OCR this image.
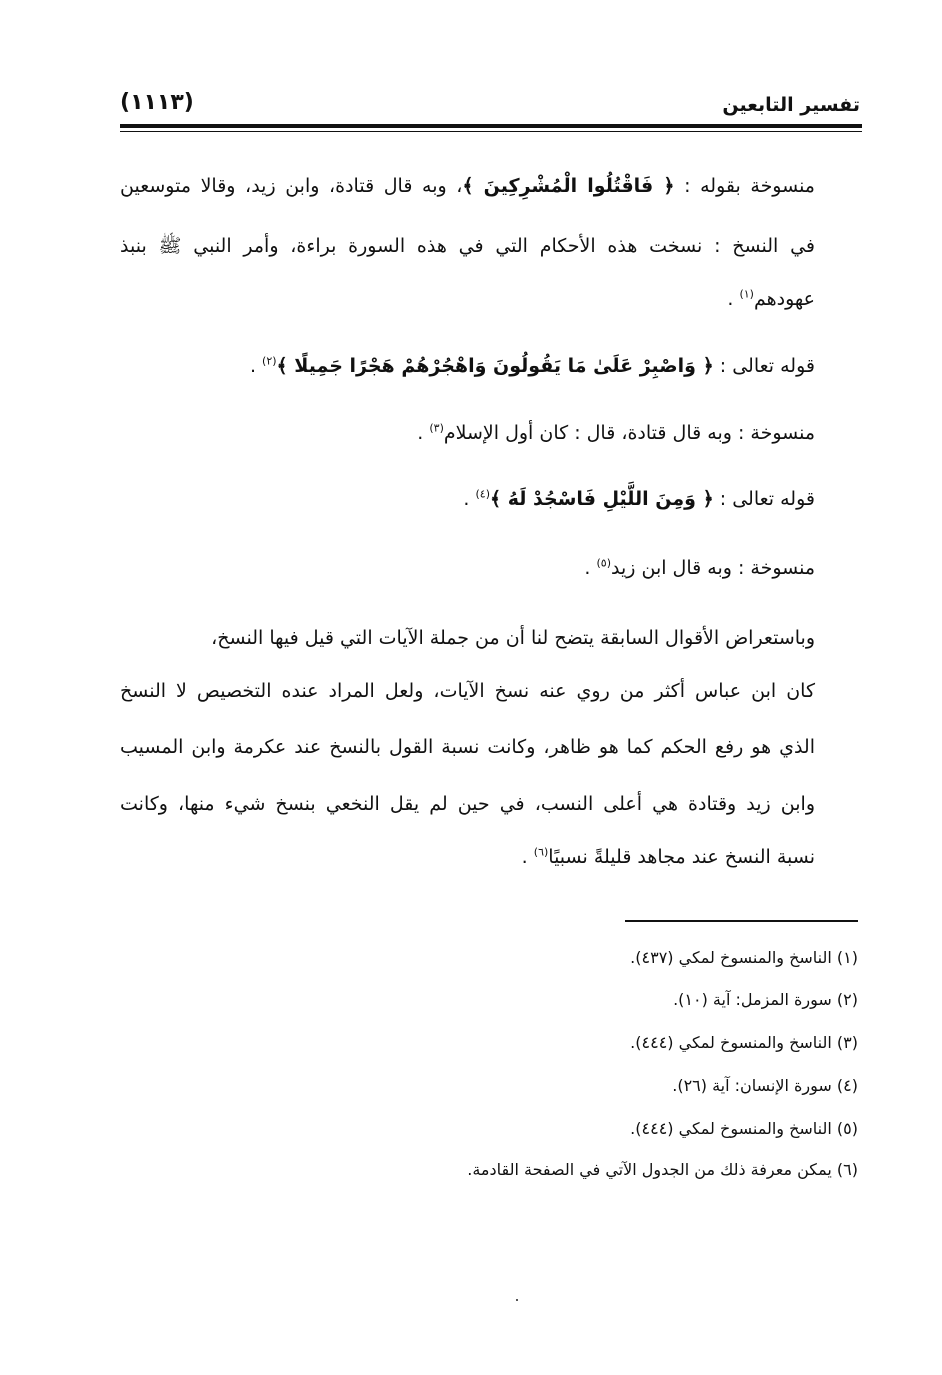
تفسير التابعين
(١١١٣)
منسوخة بقوله : ﴿ فَاقْتُلُوا الْمُشْرِكِينَ ﴾، وبه قال قتادة، وابن زيد، وقالا متوسعين
في النسخ : نسخت هذه الأحكام التي في هذه السورة براءة، وأمر النبي ﷺ بنبذ
عهودهم$^{(١)}$ .
قوله تعالى : ﴿ وَاصْبِرْ عَلَىٰ مَا يَقُولُونَ وَاهْجُرْهُمْ هَجْرًا جَمِيلًا ﴾$^{(٢)}$ .
منسوخة : وبه قال قتادة، قال : كان أول الإسلام$^{(٣)}$ .
قوله تعالى : ﴿ وَمِنَ اللَّيْلِ فَاسْجُدْ لَهُ ﴾$^{(٤)}$ .
منسوخة : وبه قال ابن زيد$^{(٥)}$ .
وباستعراض الأقوال السابقة يتضح لنا أن من جملة الآيات التي قيل فيها النسخ،
كان ابن عباس أكثر من روي عنه نسخ الآيات، ولعل المراد عنده التخصيص لا النسخ
الذي هو رفع الحكم كما هو ظاهر، وكانت نسبة القول بالنسخ عند عكرمة وابن المسيب
وابن زيد وقتادة هي أعلى النسب، في حين لم يقل النخعي بنسخ شيء منها، وكانت
نسبة النسخ عند مجاهد قليلةً نسبيًا$^{(٦)}$ .
(١) الناسخ والمنسوخ لمكي (٤٣٧).
(٢) سورة المزمل: آية (١٠).
(٣) الناسخ والمنسوخ لمكي (٤٤٤).
(٤) سورة الإنسان: آية (٢٦).
(٥) الناسخ والمنسوخ لمكي (٤٤٤).
(٦) يمكن معرفة ذلك من الجدول الآتي في الصفحة القادمة.
